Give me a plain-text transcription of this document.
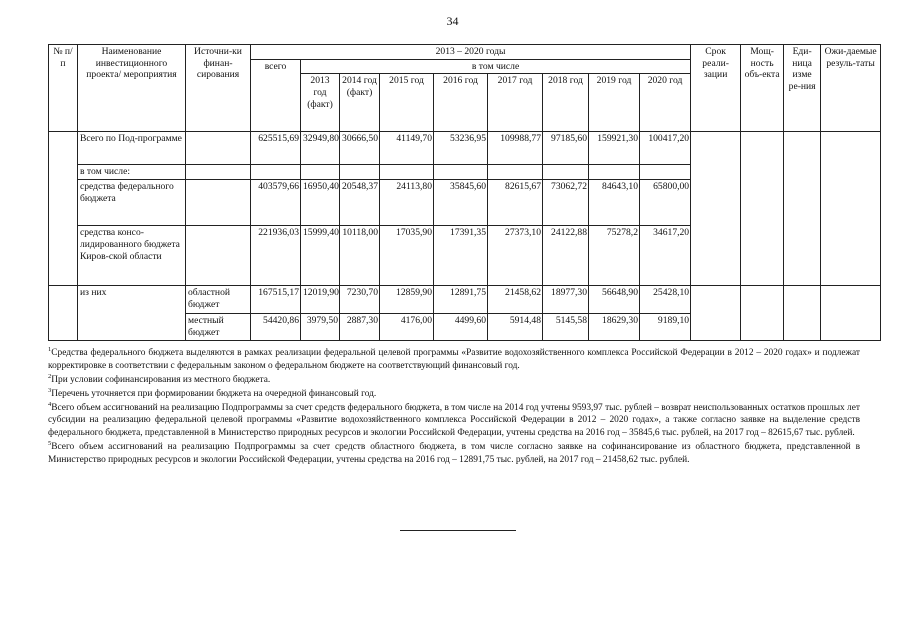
34
№ п/п	Наименование инвестиционного проекта/ мероприятия	Источни-ки финан-сирования	2013 – 2020 годы									Срок реали-зации	Мощ-ность объ-екта	Еди-ница изме ре-ния	Ожи-даемые резуль-таты
			всего	в том числе											
				2013 год (факт)	2014 год (факт)	2015 год	2016 год	2017 год	2018 год	2019 год	2020 год				
	Всего по Под-программе		625515,69	32949,80	30666,50	41149,70	53236,95	109988,77	97185,60	159921,30	100417,20				
	в том числе:														
	средства федерального бюджета		403579,66	16950,40	20548,37	24113,80	35845,60	82615,67	73062,72	84643,10	65800,00				
	средства консо-лидированного бюджета Киров-ской области		221936,03	15999,40	10118,00	17035,90	17391,35	27373,10	24122,88	75278,2	34617,20				
	из них	областной бюджет	167515,17	12019,90	7230,70	12859,90	12891,75	21458,62	18977,30	56648,90	25428,10				
		местный бюджет	54420,86	3979,50	2887,30	4176,00	4499,60	5914,48	5145,58	18629,30	9189,10				

$^1$Средства федерального бюджета выделяются в рамках реализации федеральной целевой программы «Развитие водохозяйственного комплекса Российской Федерации в 2012 – 2020 годах» и подлежат корректировке в соответствии с федеральным законом о федеральном бюджете на соответствующий финансовый год.

$^2$При условии софинансирования из местного бюджета.

$^3$Перечень уточняется при формировании бюджета на очередной финансовый год.

$^4$Всего объем ассигнований на реализацию Подпрограммы за счет средств федерального бюджета, в том числе на 2014 год учтены 9593,97 тыс. рублей – возврат неиспользованных остатков прошлых лет субсидии на реализацию федеральной целевой программы «Развитие водохозяйственного комплекса Российской Федерации в 2012 – 2020 годах», а также согласно заявке на выделение средств федерального бюджета, представленной в Министерство природных ресурсов и экологии Российской Федерации, учтены средства на 2016 год – 35845,6 тыс. рублей, на 2017 год – 82615,67 тыс. рублей.

$^5$Всего объем ассигнований на реализацию Подпрограммы за счет средств областного бюджета, в том числе согласно заявке на софинансирование из областного бюджета, представленной в Министерство природных ресурсов и экологии Российской Федерации, учтены средства на 2016 год – 12891,75 тыс. рублей, на 2017 год – 21458,62 тыс. рублей.
